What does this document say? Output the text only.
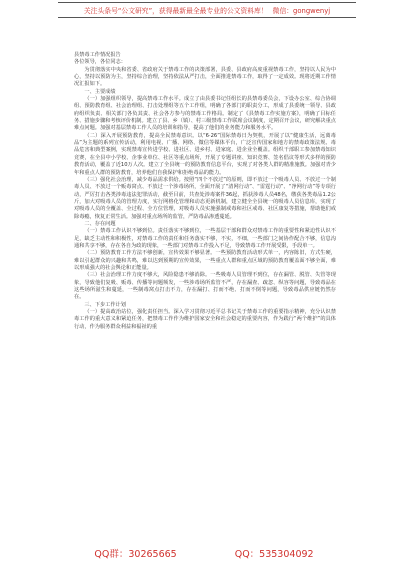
关注头条号“公文研究”，获得最新最全最专业的公文资料库！ 微信：gongwenyj

县禁毒工作情况报告

各位领导，各位同志：

为贯彻落实中央和省委、省政府关于禁毒工作的决策部署，县委、县政府高度重视禁毒工作，坚持以人民为中心，坚持以预防为主，坚持综合治理，坚持依法从严打击，全面推进禁毒工作，取得了一定成效。现将近期工作情况汇报如下。

一、主要成绩

（一）加强组织领导，提高禁毒工作水平。成立了由县委书记任组长的县禁毒委员会，下设办公室、综合协调组、预防教育组、社会治理组、打击处理组等五个工作组，明确了各部门的职责分工，形成了县委统一领导、县政府组织负责、相关部门各负其责、社会各方参与的禁毒工作格局。制定了《县禁毒工作实施方案》，明确了目标任务、措施步骤和考核评价机制。建立了县、乡（镇）、村三级禁毒工作联席会议制度，定期召开会议，研究解决重点难点问题。加强对基层禁毒工作人员的培训和指导，提高了他们的业务能力和服务水平。

（二）深入开展预防教育，提高全民禁毒意识。以“6·26”国际禁毒日为契机，开展了以“健康生活，远离毒品”为主题的系列宣传活动，利用电视、广播、网络、微信等媒体平台，广泛宣传国家和地方的禁毒政策法规、毒品危害和典型案例，实现禁毒宣传进学校、进社区、进乡村、进家庭、进企业全覆盖。组织干部职工参加禁毒知识竞赛，在全县中小学校、企事业单位、社区等重点场所，开展了专题讲座、知识竞赛、签名倡议等形式多样的预防教育活动，覆盖了近10万人次。建立了全县统一的预防教育信息平台，实现了对各类人群的精准施教。加强对青少年和重点人群的预防教育，培养他们自我保护和拒绝毒品的能力。

（三）强化社会治理，减少毒品需求供给。按照“四个不放过”的原则，即不放过一个吸毒人员、不放过一个制毒人员、不放过一个贩毒窝点、不放过一个涉毒场所，全面开展了“清网行动”、“雷霆行动”、“净网行动”等专项行动，严厉打击各类涉毒违法犯罪活动，截至目前，共查处涉毒案件36起，抓获涉毒人员48名，缴获各类毒品1.2公斤，加大对吸毒人员的管理力度，实行网格化管理和动态更新机制，建立健全全县统一的吸毒人员信息库，实现了对吸毒人员的全覆盖、全过程、全方位管理，对吸毒人员实施强制戒毒和社区戒毒、社区康复等措施，帮助他们戒除毒瘾，恢复正常生活。加强对重点场所的监管，严防毒品渗透蔓延。

二、存在问题

（一）禁毒工作认识不够到位。责任落实不够到位，一些基层干部和群众对禁毒工作的重要性和紧迫性认识不足，缺乏主动性和积极性，对禁毒工作的责任和任务落实不够，不实，不细，一些部门之间协作配合不够，信息沟通和共享不够，存在各自为政的现象，一些部门对禁毒工作投入不足，导致禁毒工作开展受限，手段单一。

（二）预防教育工作方法不够创新，宣传效果不够显著。一些预防教育活动形式单一，内容陈旧，方式生硬，难以引起群众的兴趣和共鸣，难以达到预期的宣传效果，一些重点人群和重点区域的预防教育覆盖面不够全面，难以形成强大的社会舆论和正能量。

（三）社会治理工作力度不够大，风险隐患不够消除。一些吸毒人员管理不到位，存在漏管、脱管、失管等现象，导致他们复吸、贩毒、传播等问题频发，一些涉毒场所监管不严，存在漏查、疏忽、纵容等问题，导致毒品在这些场所滋生和蔓延，一些制毒窝点打击不力，存在漏打、打而不绝、打而不倒等问题，导致毒品供应链仍然存在。

三、下步工作计划

（一）提高政治站位，强化责任担当。深入学习贯彻习近平总书记关于禁毒工作的重要指示精神，充分认识禁毒工作的重大意义和紧迫任务，把禁毒工作作为维护国家安全和社会稳定的重要内容，作为践行“两个维护”的具体行动，作为服务群众利益和福祉的重

QQ群：30265665	QQ：535304092
